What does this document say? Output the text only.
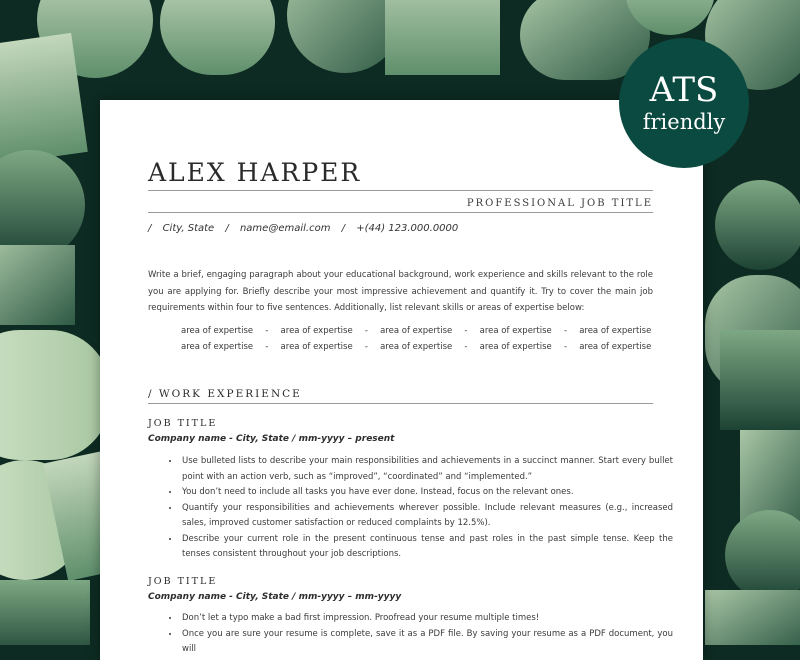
ALEX HARPER
PROFESSIONAL JOB TITLE
/ City, State / name@email.com / +(44) 123.000.0000
Write a brief, engaging paragraph about your educational background, work experience and skills relevant to the role you are applying for. Briefly describe your most impressive achievement and quantify it. Try to cover the main job requirements within four to five sentences. Additionally, list relevant skills or areas of expertise below:
area of expertise - area of expertise - area of expertise - area of expertise - area of expertise
area of expertise - area of expertise - area of expertise - area of expertise - area of expertise
/ WORK EXPERIENCE
JOB TITLE
Company name - City, State / mm-yyyy – present
• Use bulleted lists to describe your main responsibilities and achievements in a succinct manner. Start every bullet point with an action verb, such as “improved”, “coordinated” and “implemented.”
• You don’t need to include all tasks you have ever done. Instead, focus on the relevant ones.
• Quantify your responsibilities and achievements wherever possible. Include relevant measures (e.g., increased sales, improved customer satisfaction or reduced complaints by 12.5%).
• Describe your current role in the present continuous tense and past roles in the past simple tense. Keep the tenses consistent throughout your job descriptions.
JOB TITLE
Company name - City, State / mm-yyyy – mm-yyyy
• Don’t let a typo make a bad first impression. Proofread your resume multiple times!
• Once you are sure your resume is complete, save it as a PDF file. By saving your resume as a PDF document, you will
ATS
friendly
